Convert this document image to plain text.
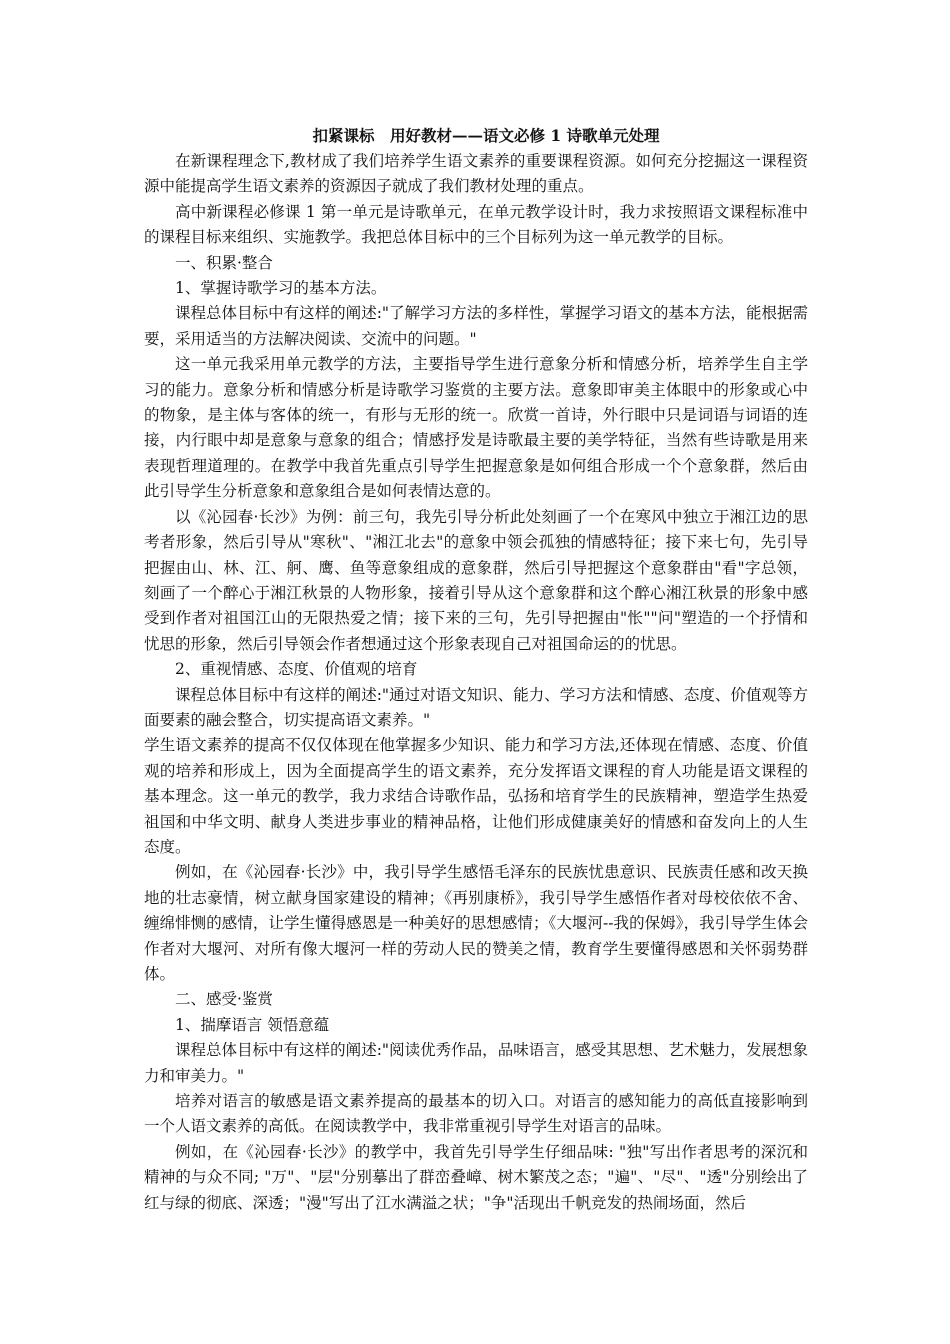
扣紧课标　用好教材——语文必修 1 诗歌单元处理

在新课程理念下,教材成了我们培养学生语文素养的重要课程资源。如何充分挖掘这一课程资源中能提高学生语文素养的资源因子就成了我们教材处理的重点。

高中新课程必修课 1 第一单元是诗歌单元，在单元教学设计时，我力求按照语文课程标准中的课程目标来组织、实施教学。我把总体目标中的三个目标列为这一单元教学的目标。

一、积累·整合

1、掌握诗歌学习的基本方法。

课程总体目标中有这样的阐述:"了解学习方法的多样性，掌握学习语文的基本方法，能根据需要，采用适当的方法解决阅读、交流中的问题。"

这一单元我采用单元教学的方法，主要指导学生进行意象分析和情感分析，培养学生自主学习的能力。意象分析和情感分析是诗歌学习鉴赏的主要方法。意象即审美主体眼中的形象或心中的物象，是主体与客体的统一，有形与无形的统一。欣赏一首诗，外行眼中只是词语与词语的连接，内行眼中却是意象与意象的组合；情感抒发是诗歌最主要的美学特征，当然有些诗歌是用来表现哲理道理的。在教学中我首先重点引导学生把握意象是如何组合形成一个个意象群，然后由此引导学生分析意象和意象组合是如何表情达意的。

以《沁园春·长沙》为例：前三句，我先引导分析此处刻画了一个在寒风中独立于湘江边的思考者形象，然后引导从"寒秋"、"湘江北去"的意象中领会孤独的情感特征；接下来七句，先引导把握由山、林、江、舸、鹰、鱼等意象组成的意象群，然后引导把握这个意象群由"看"字总领，刻画了一个醉心于湘江秋景的人物形象，接着引导从这个意象群和这个醉心湘江秋景的形象中感受到作者对祖国江山的无限热爱之情；接下来的三句，先引导把握由"怅""问"塑造的一个抒情和忧思的形象，然后引导领会作者想通过这个形象表现自己对祖国命运的的忧思。

2、重视情感、态度、价值观的培育

课程总体目标中有这样的阐述:"通过对语文知识、能力、学习方法和情感、态度、价值观等方面要素的融会整合，切实提高语文素养。"

学生语文素养的提高不仅仅体现在他掌握多少知识、能力和学习方法,还体现在情感、态度、价值观的培养和形成上，因为全面提高学生的语文素养，充分发挥语文课程的育人功能是语文课程的基本理念。这一单元的教学，我力求结合诗歌作品，弘扬和培育学生的民族精神，塑造学生热爱祖国和中华文明、献身人类进步事业的精神品格，让他们形成健康美好的情感和奋发向上的人生态度。

例如，在《沁园春·长沙》中，我引导学生感悟毛泽东的民族忧患意识、民族责任感和改天换地的壮志豪情，树立献身国家建设的精神；《再别康桥》，我引导学生感悟作者对母校依依不舍、缠绵悱恻的感情，让学生懂得感恩是一种美好的思想感情；《大堰河--我的保姆》，我引导学生体会作者对大堰河、对所有像大堰河一样的劳动人民的赞美之情，教育学生要懂得感恩和关怀弱势群体。

二、感受·鉴赏

1、揣摩语言 领悟意蕴

课程总体目标中有这样的阐述:"阅读优秀作品，品味语言，感受其思想、艺术魅力，发展想象力和审美力。"

培养对语言的敏感是语文素养提高的最基本的切入口。对语言的感知能力的高低直接影响到一个人语文素养的高低。在阅读教学中，我非常重视引导学生对语言的品味。

例如，在《沁园春·长沙》的教学中，我首先引导学生仔细品味: "独"写出作者思考的深沉和精神的与众不同; "万"、"层"分别摹出了群峦叠嶂、树木繁茂之态；"遍"、"尽"、"透"分别绘出了红与绿的彻底、深透；"漫"写出了江水满溢之状；"争"活现出千帆竞发的热闹场面，然后
